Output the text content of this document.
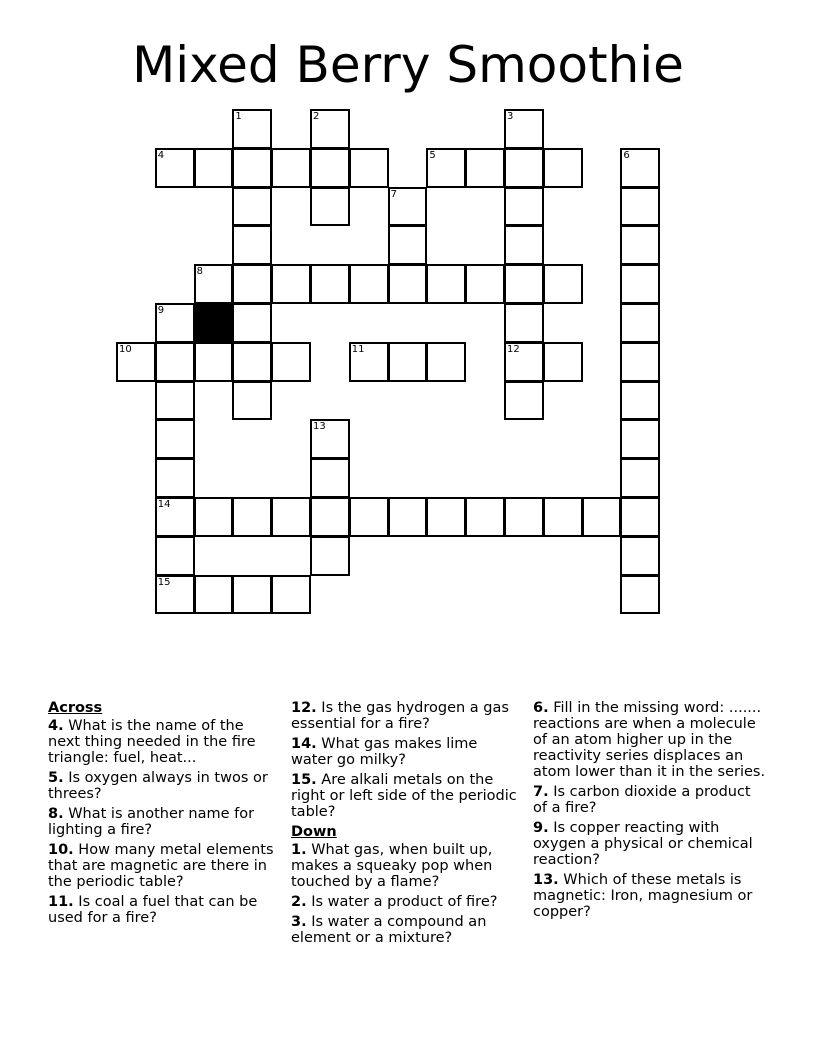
Mixed Berry Smoothie
1	2	3
4	5	6
7
8
9
10	11	12
13
14
15
Across
4. What is the name of the next thing needed in the fire triangle: fuel, heat...
5. Is oxygen always in twos or threes?
8. What is another name for lighting a fire?
10. How many metal elements that are magnetic are there in the periodic table?
11. Is coal a fuel that can be used for a fire?
12. Is the gas hydrogen a gas essential for a fire?
14. What gas makes lime water go milky?
15. Are alkali metals on the right or left side of the periodic table?
Down
1. What gas, when built up, makes a squeaky pop when touched by a flame?
2. Is water a product of fire?
3. Is water a compound an element or a mixture?
6. Fill in the missing word: ....... reactions are when a molecule of an atom higher up in the reactivity series displaces an atom lower than it in the series.
7. Is carbon dioxide a product of a fire?
9. Is copper reacting with oxygen a physical or chemical reaction?
13. Which of these metals is magnetic: Iron, magnesium or copper?
